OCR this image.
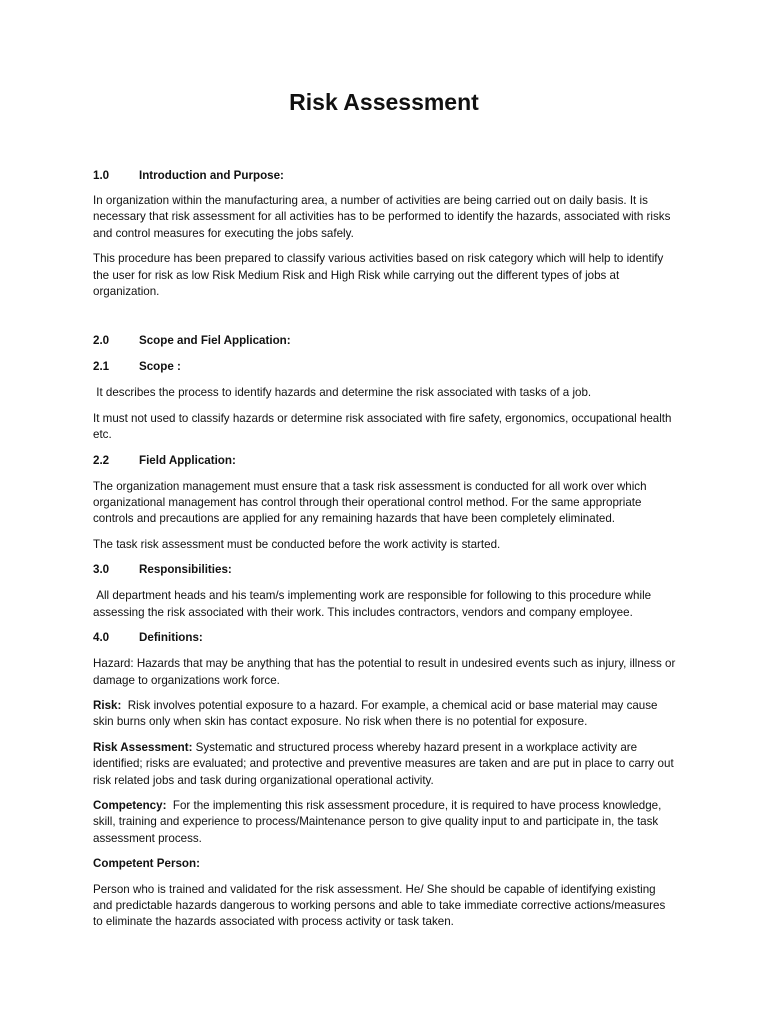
Risk Assessment
1.0	Introduction and Purpose:

In organization within the manufacturing area, a number of activities are being carried out on daily basis. It is necessary that risk assessment for all activities has to be performed to identify the hazards, associated with risks and control measures for executing the jobs safely.

This procedure has been prepared to classify various activities based on risk category which will help to identify the user for risk as low Risk Medium Risk and High Risk while carrying out the different types of jobs at organization.

2.0	Scope and Fiel Application:
2.1	Scope :

It describes the process to identify hazards and determine the risk associated with tasks of a job.

It must not used to classify hazards or determine risk associated with fire safety, ergonomics, occupational health etc.

2.2	Field Application:

The organization management must ensure that a task risk assessment is conducted for all work over which organizational management has control through their operational control method. For the same appropriate controls and precautions are applied for any remaining hazards that have been completely eliminated.

The task risk assessment must be conducted before the work activity is started.

3.0	Responsibilities:

All department heads and his team/s implementing work are responsible for following to this procedure while assessing the risk associated with their work. This includes contractors, vendors and company employee.

4.0	Definitions:

Hazard: Hazards that may be anything that has the potential to result in undesired events such as injury, illness or damage to organizations work force.

Risk:  Risk involves potential exposure to a hazard. For example, a chemical acid or base material may cause skin burns only when skin has contact exposure. No risk when there is no potential for exposure.

Risk Assessment: Systematic and structured process whereby hazard present in a workplace activity are identified; risks are evaluated; and protective and preventive measures are taken and are put in place to carry out risk related jobs and task during organizational operational activity.

Competency:  For the implementing this risk assessment procedure, it is required to have process knowledge, skill, training and experience to process/Maintenance person to give quality input to and participate in, the task assessment process.

Competent Person:

Person who is trained and validated for the risk assessment. He/ She should be capable of identifying existing and predictable hazards dangerous to working persons and able to take immediate corrective actions/measures to eliminate the hazards associated with process activity or task taken.
